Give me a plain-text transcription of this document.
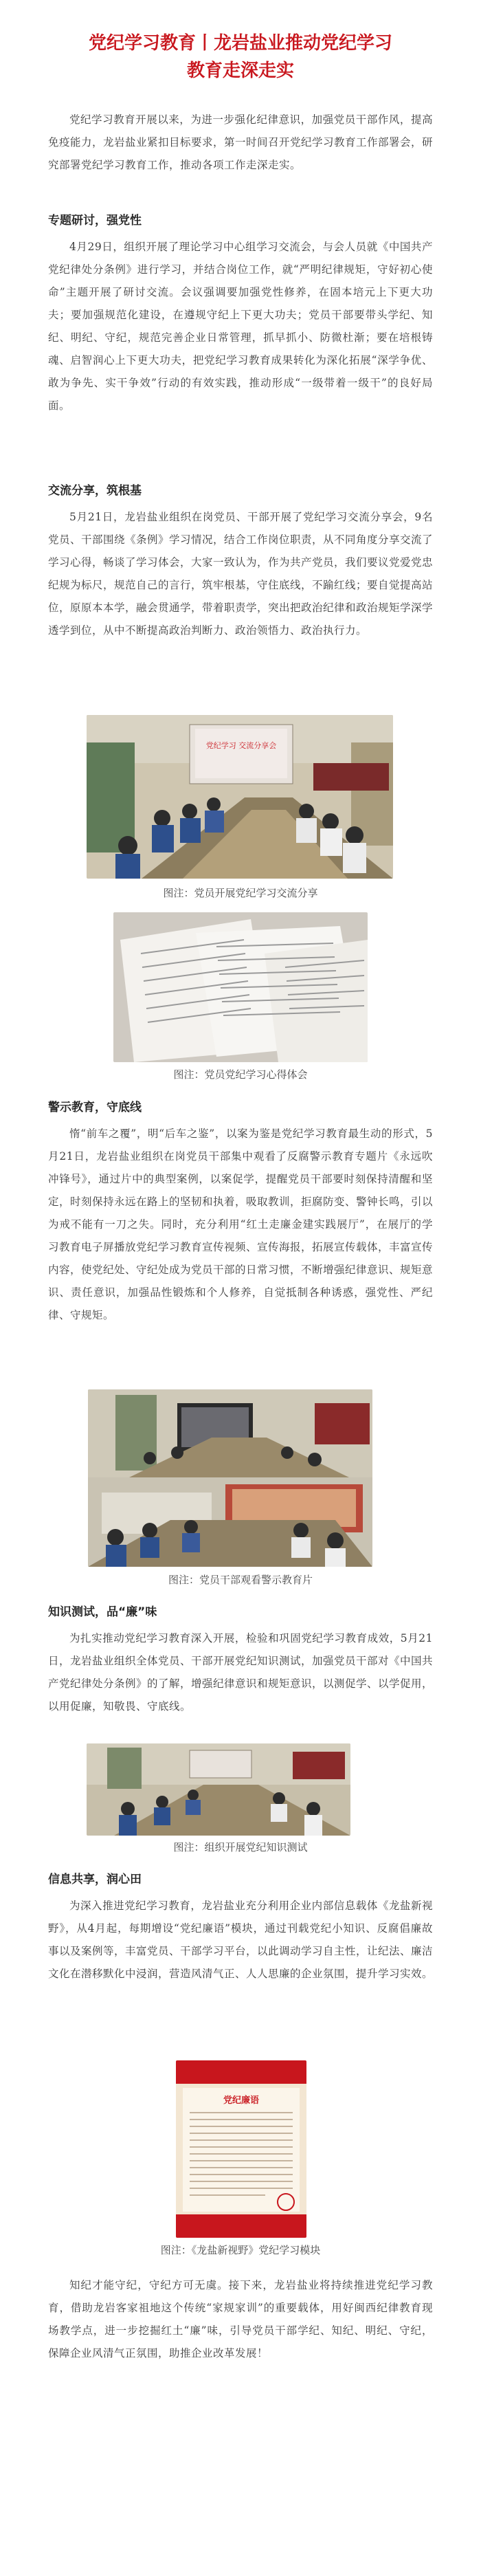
党纪学习教育丨龙岩盐业推动党纪学习
教育走深走实

党纪学习教育开展以来，为进一步强化纪律意识，加强党员干部作风，提高免疫能力，龙岩盐业紧扣目标要求，第一时间召开党纪学习教育工作部署会，研究部署党纪学习教育工作，推动各项工作走深走实。

专题研讨，强党性

4月29日，组织开展了理论学习中心组学习交流会，与会人员就《中国共产党纪律处分条例》进行学习，并结合岗位工作，就“严明纪律规矩，守好初心使命”主题开展了研讨交流。会议强调要加强党性修养，在固本培元上下更大功夫；要加强规范化建设，在遵规守纪上下更大功夫；党员干部要带头学纪、知纪、明纪、守纪，规范完善企业日常管理，抓早抓小、防微杜渐；要在培根铸魂、启智润心上下更大功夫，把党纪学习教育成果转化为深化拓展“深学争优、敢为争先、实干争效”行动的有效实践，推动形成“一级带着一级干”的良好局面。

交流分享，筑根基

5月21日，龙岩盐业组织在岗党员、干部开展了党纪学习交流分享会，9名党员、干部围绕《条例》学习情况，结合工作岗位职责，从不同角度分享交流了学习心得，畅谈了学习体会，大家一致认为，作为共产党员，我们要议党爱党忠纪规为标尺，规范自己的言行，筑牢根基，守住底线，不踰红线；要自觉提高站位，原原本本学，融会贯通学，带着职责学，突出把政治纪律和政治规矩学深学透学到位，从中不断提高政治判断力、政治领悟力、政治执行力。

党纪学习 交流分享会
图注：党员开展党纪学习交流分享
图注：党员党纪学习心得体会
警示教育，守底线

惰“前车之覆”，明“后车之鉴”，以案为鉴是党纪学习教育最生动的形式，5月21日，龙岩盐业组织在岗党员干部集中观看了反腐警示教育专题片《永远吹冲锋号》，通过片中的典型案例，以案促学，提醒党员干部要时刻保持清醒和坚定，时刻保持永远在路上的坚韧和执着，吸取教训，拒腐防变、警钟长鸣，引以为戒不能有一刀之失。同时，充分利用“红土走廉金建实践展厅”，在展厅的学习教育电子屏播放党纪学习教育宣传视频、宣传海报，拓展宣传载体，丰富宣传内容，使党纪处、守纪处成为党员干部的日常习惯，不断增强纪律意识、规矩意识、责任意识，加强品性锻炼和个人修养，自觉抵制各种诱惑，强党性、严纪律、守规矩。

图注：党员干部观看警示教育片
知识测试，品“廉”味

为扎实推动党纪学习教育深入开展，检验和巩固党纪学习教育成效，5月21日，龙岩盐业组织全体党员、干部开展党纪知识测试，加强党员干部对《中国共产党纪律处分条例》的了解，增强纪律意识和规矩意识，以测促学、以学促用，以用促廉，知敬畏、守底线。

图注：组织开展党纪知识测试
信息共享，润心田

为深入推进党纪学习教育，龙岩盐业充分利用企业内部信息载体《龙盐新视野》，从4月起，每期增设“党纪廉语”模块，通过刊载党纪小知识、反腐倡廉故事以及案例等，丰富党员、干部学习平台，以此调动学习自主性，让纪法、廉洁文化在潜移默化中浸润，营造风清气正、人人思廉的企业氛围，提升学习实效。

党纪廉语
图注：《龙盐新视野》党纪学习模块

知纪才能守纪，守纪方可无虞。接下来，龙岩盐业将持续推进党纪学习教育，借助龙岩客家祖地这个传统“家规家训”的重要载体，用好闽西纪律教育现场教学点，进一步挖掘红土“廉”味，引导党员干部学纪、知纪、明纪、守纪，保障企业风清气正氛围，助推企业改革发展！
